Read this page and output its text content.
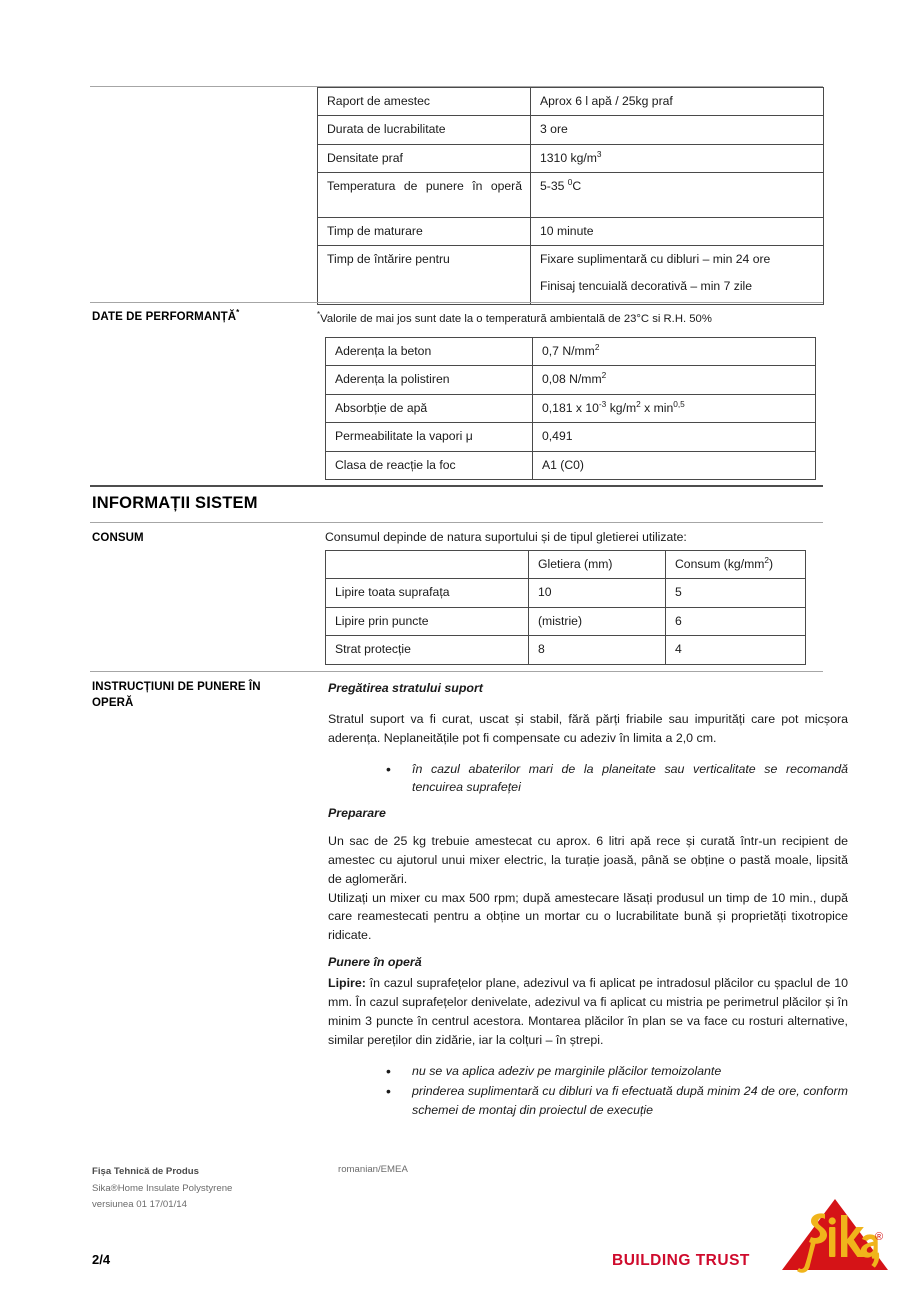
Raport de amestec	Aprox 6 l apă / 25kg praf
Durata de lucrabilitate	3 ore
Densitate praf	1310 $kg/m^3$

Temperatura de punere în operă	5-35 $^0$C
Timp de maturare	10 minute
Timp de întărire pentru	Fixare suplimentară cu dibluri – min 24 ore
Finisaj tencuială decorativă – min 7 zile
DATE DE PERFORMANȚĂ*	*Valorile de mai jos sunt date la o temperatură ambientală de 23°C si R.H. 50%
Aderența la beton	0,7 $N/mm^2$
Aderența la polistiren	0,08 $N/mm^2$
Absorbție de apă	0,181 x $10^{-3}$ $kg/m^2$ x $\min^{0,5}$
Permeabilitate la vapori μ	0,491
Clasa de reacție la foc	A1 (C0)
INFORMAȚII SISTEM
CONSUM	Consumul depinde de natura suportului și de tipul gletierei utilizate:
	Gletiera (mm)	Consum $(kg/mm^2)$
Lipire toata suprafața	10	5
Lipire prin puncte	(mistrie)	6
Strat protecție	8	4
INSTRUCȚIUNI DE PUNERE ÎN
OPERĂ

Pregătirea stratului suport

Stratul suport va fi curat, uscat și stabil, fără părți friabile sau impurități care pot micșora aderența. Neplaneitățile pot fi compensate cu adeziv în limita a 2,0 cm.

• în cazul abaterilor mari de la planeitate sau verticalitate se recomandă tencuirea suprafeței

Preparare

Un sac de 25 kg trebuie amestecat cu aprox. 6 litri apă rece și curată într-un recipient de amestec cu ajutorul unui mixer electric, la turație joasă, până se obține o pastă moale, lipsită de aglomerări.

Utilizați un mixer cu max 500 rpm; după amestecare lăsați produsul un timp de 10 min., după care reamestecati pentru a obține un mortar cu o lucrabilitate bună și proprietăți tixotropice ridicate.

Punere în operă

Lipire: în cazul suprafețelor plane, adezivul va fi aplicat pe intradosul plăcilor cu șpaclul de 10 mm. În cazul suprafețelor denivelate, adezivul va fi aplicat cu mistria pe perimetrul plăcilor și în minim 3 puncte în centrul acestora. Montarea plăcilor în plan se va face cu rosturi alternative, similar pereților din zidărie, iar la colțuri – în ștrepi.

• nu se va aplica adeziv pe marginile plăcilor temoizolante
• prinderea suplimentară cu dibluri va fi efectuată după minim 24 de ore, conform schemei de montaj din proiectul de execuție
Fișa Tehnică de Produs
Sika®Home Insulate Polystyrene
versiunea 01 17/01/14
romanian/EMEA
2/4	BUILDING TRUST
®
